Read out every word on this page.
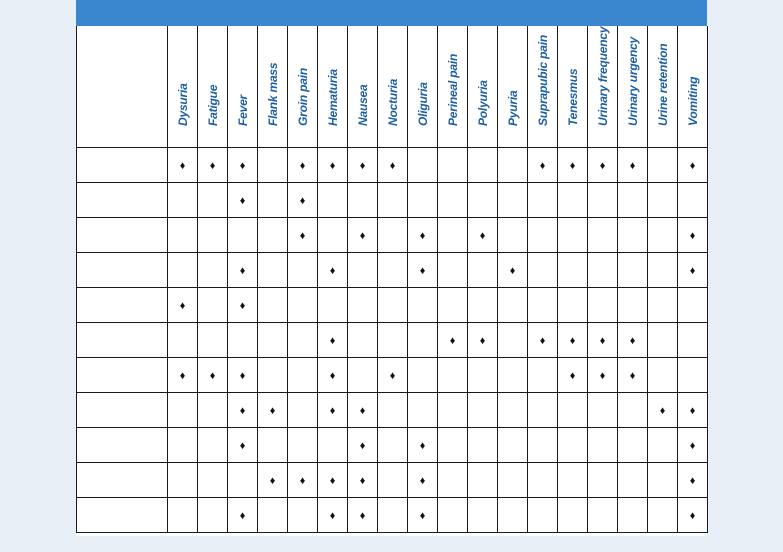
	Dysuria	Fatigue	Fever	Flank mass	Groin pain	Hematuria	Nausea	Nocturia	Oliguria	Perineal pain	Polyuria	Pyuria	Suprapubic pain	Tenesmus	Urinary frequency	Urinary urgency	Urine retention	Vomiting

	♦	♦	♦		♦	♦	♦	♦					♦	♦	♦	♦		♦
			♦		♦													
					♦		♦		♦		♦							♦
			♦			♦			♦			♦						♦
	♦		♦															
						♦				♦	♦		♦	♦	♦	♦		
	♦	♦	♦			♦		♦						♦	♦	♦		
			♦	♦		♦	♦										♦	♦
			♦				♦		♦									♦
				♦	♦	♦	♦		♦									♦
			♦			♦	♦		♦									♦
